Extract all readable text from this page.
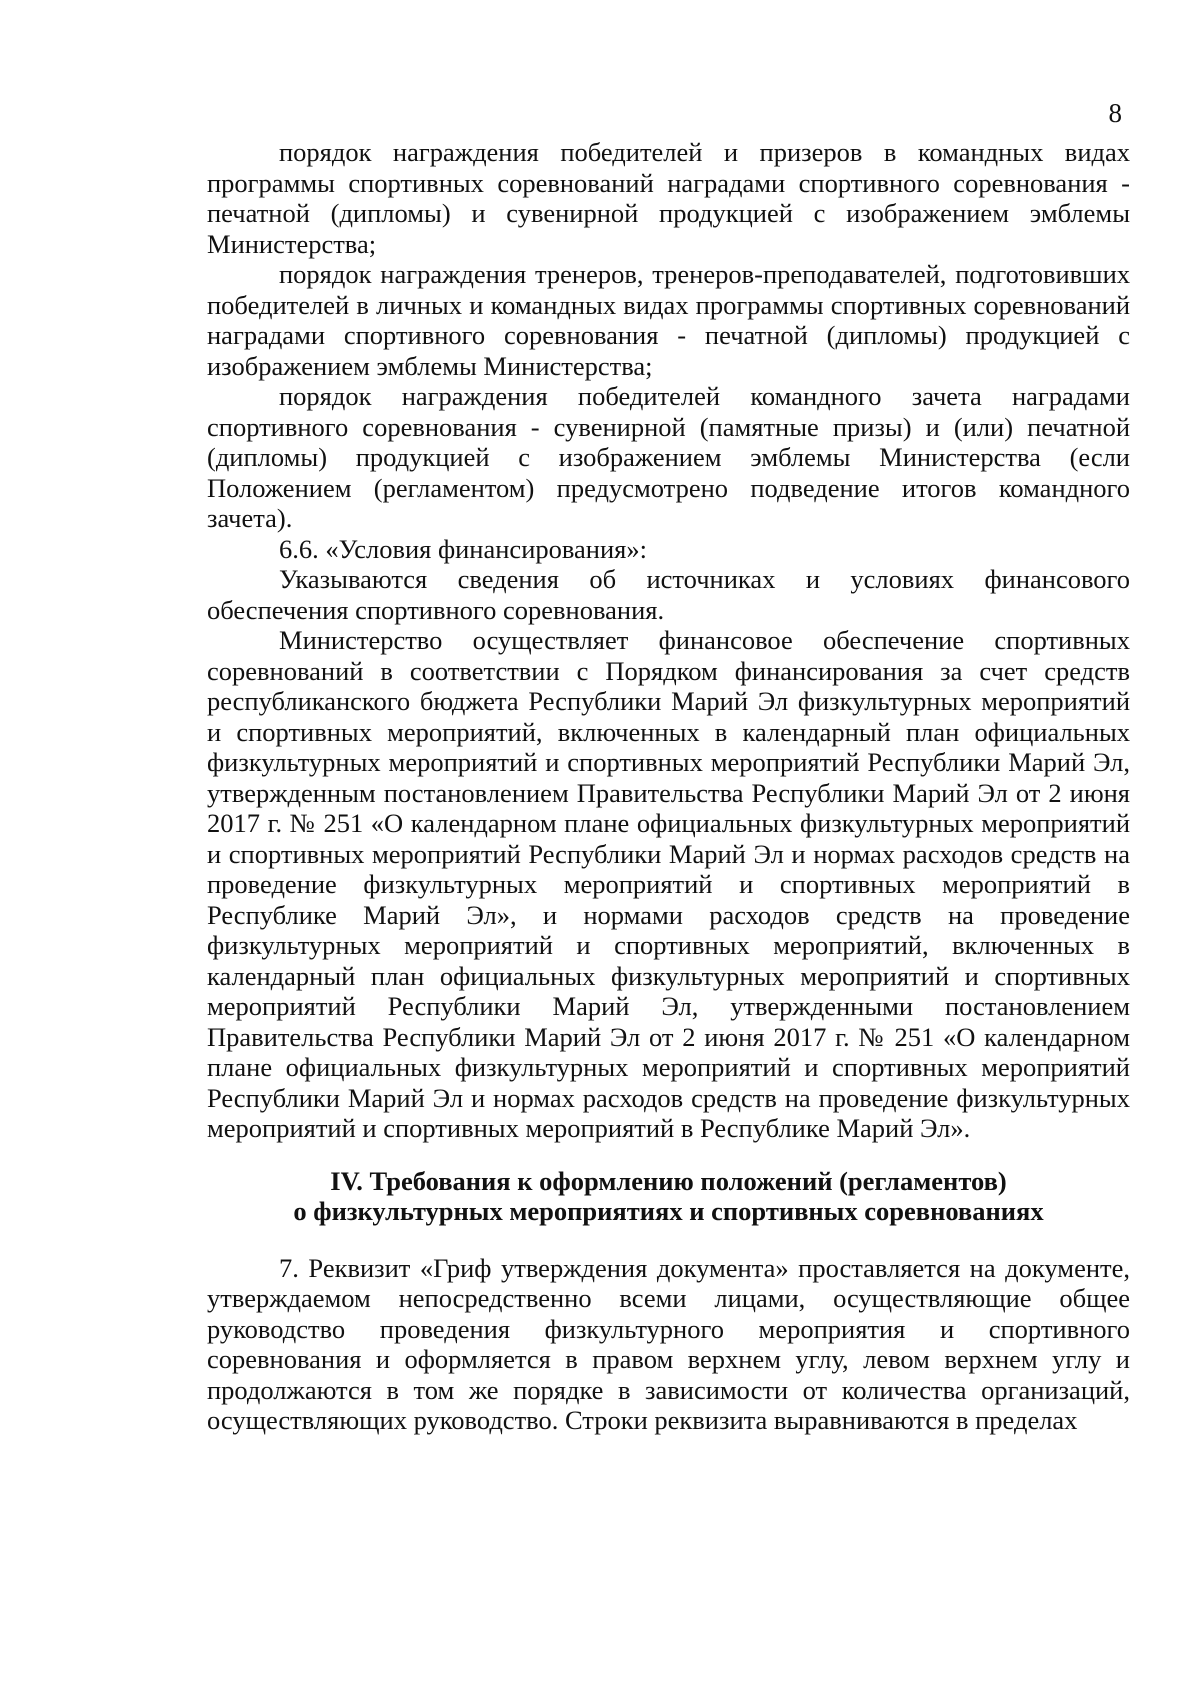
8

порядок награждения победителей и призеров в командных видах программы спортивных соревнований наградами спортивного соревнования - печатной (дипломы) и сувенирной продукцией с изображением эмблемы Министерства;

порядок награждения тренеров, тренеров-преподавателей, подготовивших победителей в личных и командных видах программы спортивных соревнований наградами спортивного соревнования - печатной (дипломы) продукцией с изображением эмблемы Министерства;

порядок награждения победителей командного зачета наградами спортивного соревнования - сувенирной (памятные призы) и (или) печатной (дипломы) продукцией с изображением эмблемы Министерства (если Положением (регламентом) предусмотрено подведение итогов командного зачета).

6.6. «Условия финансирования»:

Указываются сведения об источниках и условиях финансового обеспечения спортивного соревнования.

Министерство осуществляет финансовое обеспечение спортивных соревнований в соответствии с Порядком финансирования за счет средств республиканского бюджета Республики Марий Эл физкультурных мероприятий и спортивных мероприятий, включенных в календарный план официальных физкультурных мероприятий и спортивных мероприятий Республики Марий Эл, утвержденным постановлением Правительства Республики Марий Эл от 2 июня 2017 г. № 251 «О календарном плане официальных физкультурных мероприятий и спортивных мероприятий Республики Марий Эл и нормах расходов средств на проведение физкультурных мероприятий и спортивных мероприятий в Республике Марий Эл», и нормами расходов средств на проведение физкультурных мероприятий и спортивных мероприятий, включенных в календарный план официальных физкультурных мероприятий и спортивных мероприятий Республики Марий Эл, утвержденными постановлением Правительства Республики Марий Эл от 2 июня 2017 г. № 251 «О календарном плане официальных физкультурных мероприятий и спортивных мероприятий Республики Марий Эл и нормах расходов средств на проведение физкультурных мероприятий и спортивных мероприятий в Республике Марий Эл».

IV. Требования к оформлению положений (регламентов)
о физкультурных мероприятиях и спортивных соревнованиях

7. Реквизит «Гриф утверждения документа» проставляется на документе, утверждаемом непосредственно всеми лицами, осуществляющие общее руководство проведения физкультурного мероприятия и спортивного соревнования и оформляется в правом верхнем углу, левом верхнем углу и продолжаются в том же порядке в зависимости от количества организаций, осуществляющих руководство. Строки реквизита выравниваются в пределах
